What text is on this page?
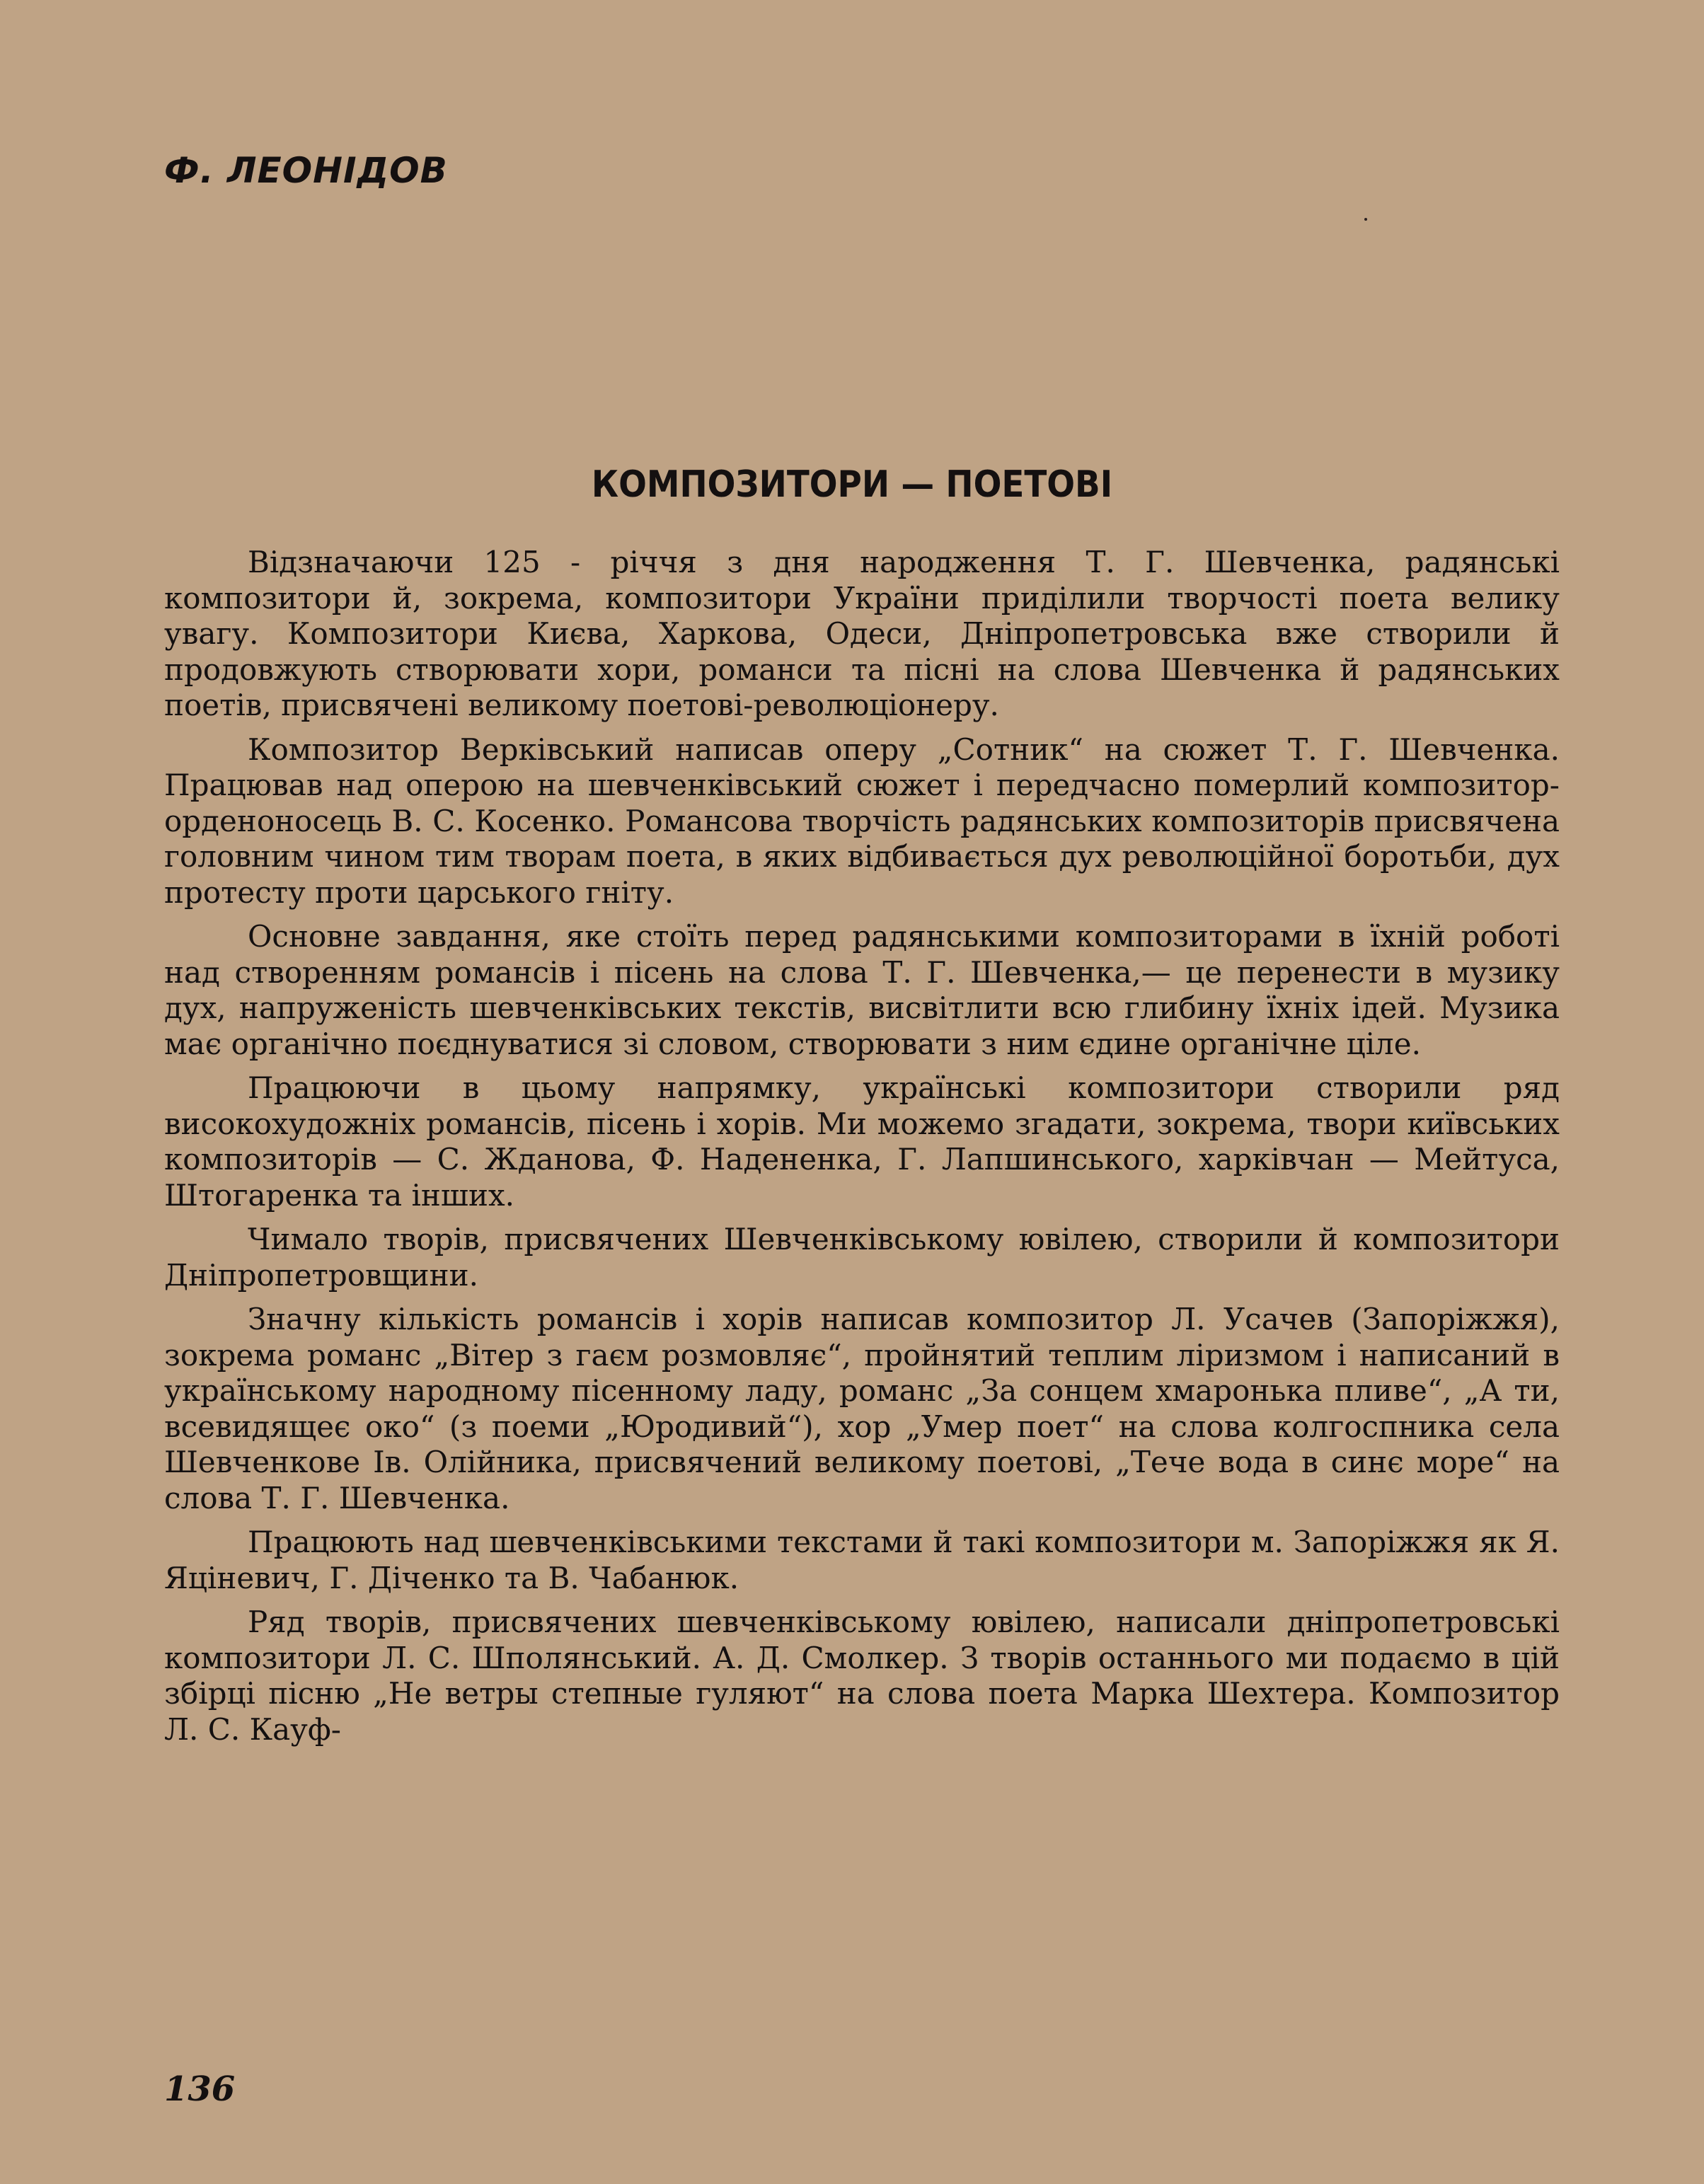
Ф. ЛЕОНІДОВ
КОМПОЗИТОРИ — ПОЕТОВІ

Відзначаючи 125 - річчя з дня народження Т. Г. Шевченка, радянські композитори й, зокрема, композитори України приділили творчості поета велику увагу. Композитори Києва, Харкова, Одеси, Дніпропетровська вже створили й продовжують створювати хори, романси та пісні на слова Шевченка й радянських поетів, присвячені великому поетові-революціонеру.

Композитор Верківський написав оперу „Сотник“ на сюжет Т. Г. Шевченка. Працював над оперою на шевченківський сюжет і передчасно померлий композитор-орденоносець В. С. Косенко. Романсова творчість радянських композиторів присвячена головним чином тим творам поета, в яких відбивається дух революційної боротьби, дух протесту проти царського гніту.

Основне завдання, яке стоїть перед радянськими композиторами в їхній роботі над створенням романсів і пісень на слова Т. Г. Шевченка,— це перенести в музику дух, напруженість шевченківських текстів, висвітлити всю глибину їхніх ідей. Музика має органічно поєднуватися зі словом, створювати з ним єдине органічне ціле.

Працюючи в цьому напрямку, українські композитори створили ряд високохудожніх романсів, пісень і хорів. Ми можемо згадати, зокрема, твори київських композиторів — С. Жданова, Ф. Надененка, Г. Лапшинського, харківчан — Мейтуса, Штогаренка та інших.

Чимало творів, присвячених Шевченківському ювілею, створили й композитори Дніпропетровщини.

Значну кількість романсів і хорів написав композитор Л. Усачев (Запоріжжя), зокрема романс „Вітер з гаєм розмовляє“, пройнятий теплим ліризмом і написаний в українському народному пісенному ладу, романс „За сонцем хмаронька пливе“, „А ти, всевидящеє око“ (з поеми „Юродивий“), хор „Умер поет“ на слова колгоспника села Шевченкове Ів. Олійника, присвячений великому поетові, „Тече вода в синє море“ на слова Т. Г. Шевченка.

Працюють над шевченківськими текстами й такі композитори м. Запоріжжя як Я. Яціневич, Г. Діченко та В. Чабанюк.

Ряд творів, присвячених шевченківському ювілею, написали дніпропетровські композитори Л. С. Шполянський. А. Д. Смолкер. З творів останнього ми подаємо в цій збірці пісню „Не ветры степные гуляют“ на слова поета Марка Шехтера. Композитор Л. С. Кауф-

136
